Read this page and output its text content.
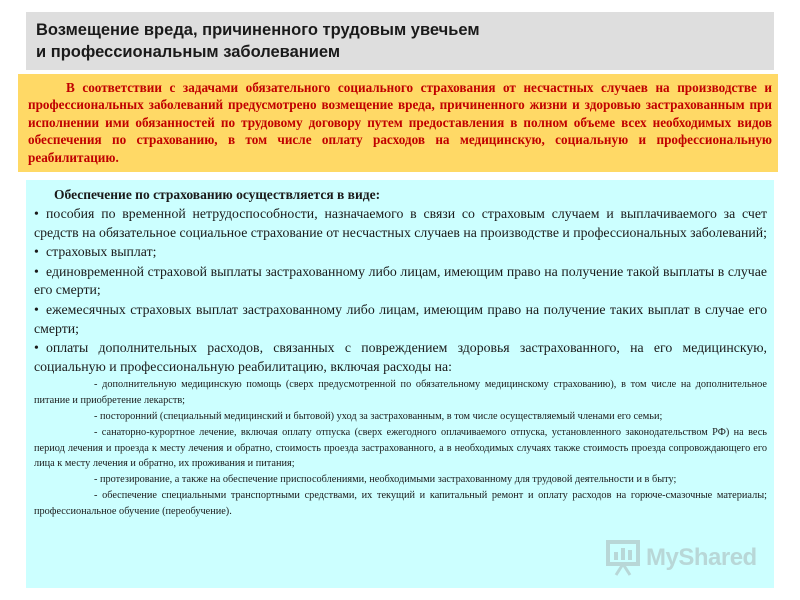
Возмещение вреда, причиненного трудовым увечьем
и профессиональным заболеванием

В соответствии с задачами обязательного социального страхования от несчастных случаев на производстве и профессиональных заболеваний предусмотрено возмещение вреда, причиненного жизни и здоровью застрахованным при исполнении ими обязанностей по трудовому договору путем предоставления в полном объеме всех необходимых видов обеспечения по страхованию, в том числе оплату расходов на медицинскую, социальную и профессиональную реабилитацию.

Обеспечение по страхованию осуществляется в виде:

• пособия по временной нетрудоспособности, назначаемого в связи со страховым случаем и выплачиваемого за счет средств на обязательное социальное страхование от несчастных случаев на производстве и профессиональных заболеваний;

• страховых выплат;

• единовременной страховой выплаты застрахованному либо лицам, имеющим право на получение такой выплаты в случае его смерти;

• ежемесячных страховых выплат застрахованному либо лицам, имеющим право на получение таких выплат в случае его смерти;

• оплаты дополнительных расходов, связанных с повреждением здоровья застрахованного, на его медицинскую, социальную и профессиональную реабилитацию, включая расходы на:

- дополнительную медицинскую помощь (сверх предусмотренной по обязательному медицинскому страхованию), в том числе на дополнительное питание и приобретение лекарств;

- посторонний (специальный медицинский и бытовой) уход за застрахованным, в том числе осуществляемый членами его семьи;

- санаторно-курортное лечение, включая оплату отпуска (сверх ежегодного оплачиваемого отпуска, установленного законодательством РФ) на весь период лечения и проезда к месту лечения и обратно, стоимость проезда застрахованного, а в необходимых случаях также стоимость проезда сопровождающего его лица к месту лечения и обратно, их проживания и питания;

- протезирование, а также на обеспечение приспособлениями, необходимыми застрахованному для трудовой деятельности и в быту;

- обеспечение специальными транспортными средствами, их текущий и капитальный ремонт и оплату расходов на горюче-смазочные материалы; профессиональное обучение (переобучение).

MyShared
